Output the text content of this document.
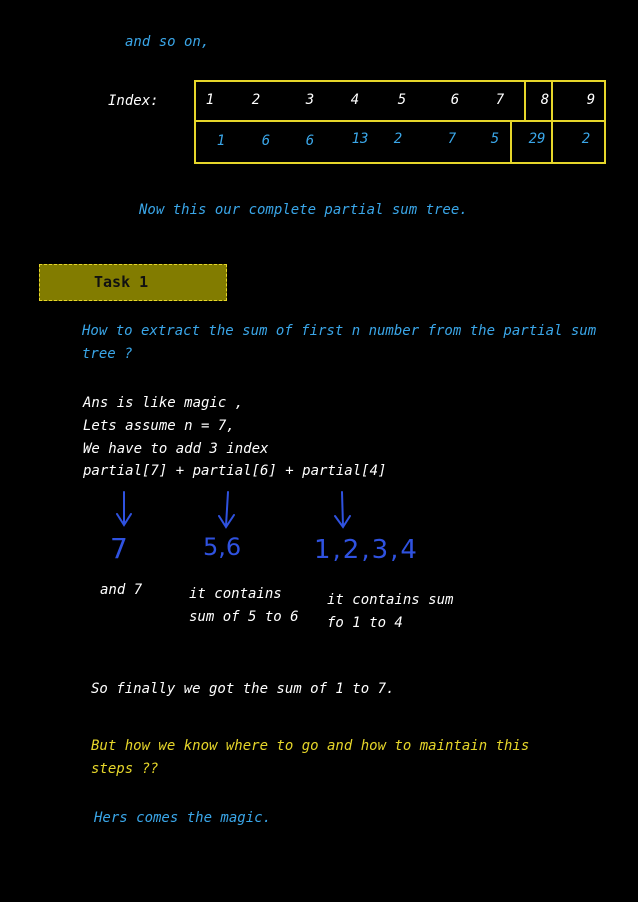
and so on,
Index:	1	2	3	4	5	6	7	8	9
1	6	6	13	2	7	5	29	2
Now this our complete partial sum tree.
Task 1
How to extract the sum of first n number from the partial sum
tree ?
Ans is like magic ,
Lets assume n = 7,
We have to add 3 index
partial[7] + partial[6] + partial[4]
7	5,6	1,2,3,4
and 7	it contains
sum of 5 to 6
it contains sum
fo 1 to 4
So finally we got the sum of 1 to 7.
But how we know where to go and how to maintain this
steps ??
Hers comes the magic.
